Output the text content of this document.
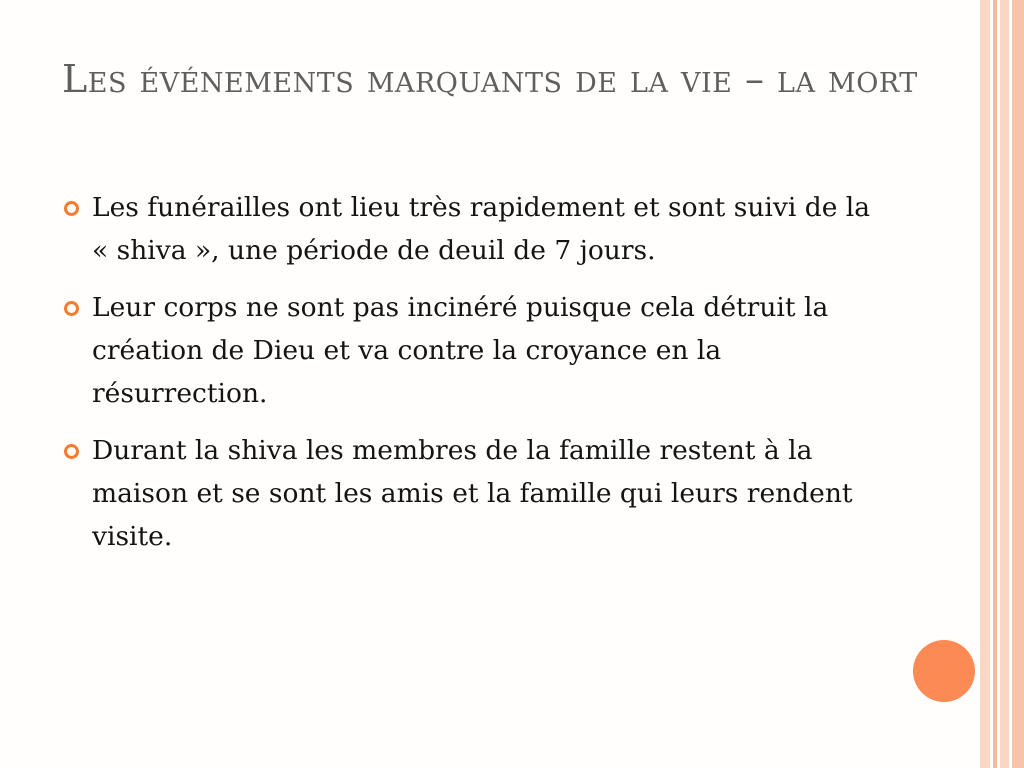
Les événements marquants de la vie – la mort
Les funérailles ont lieu très rapidement et sont suivi de la « shiva », une période de deuil de 7 jours.
Leur corps ne sont pas incinéré puisque cela détruit la création de Dieu et va contre la croyance en la résurrection.
Durant la shiva les membres de la famille restent à la maison et se sont les amis et la famille qui leurs rendent visite.
